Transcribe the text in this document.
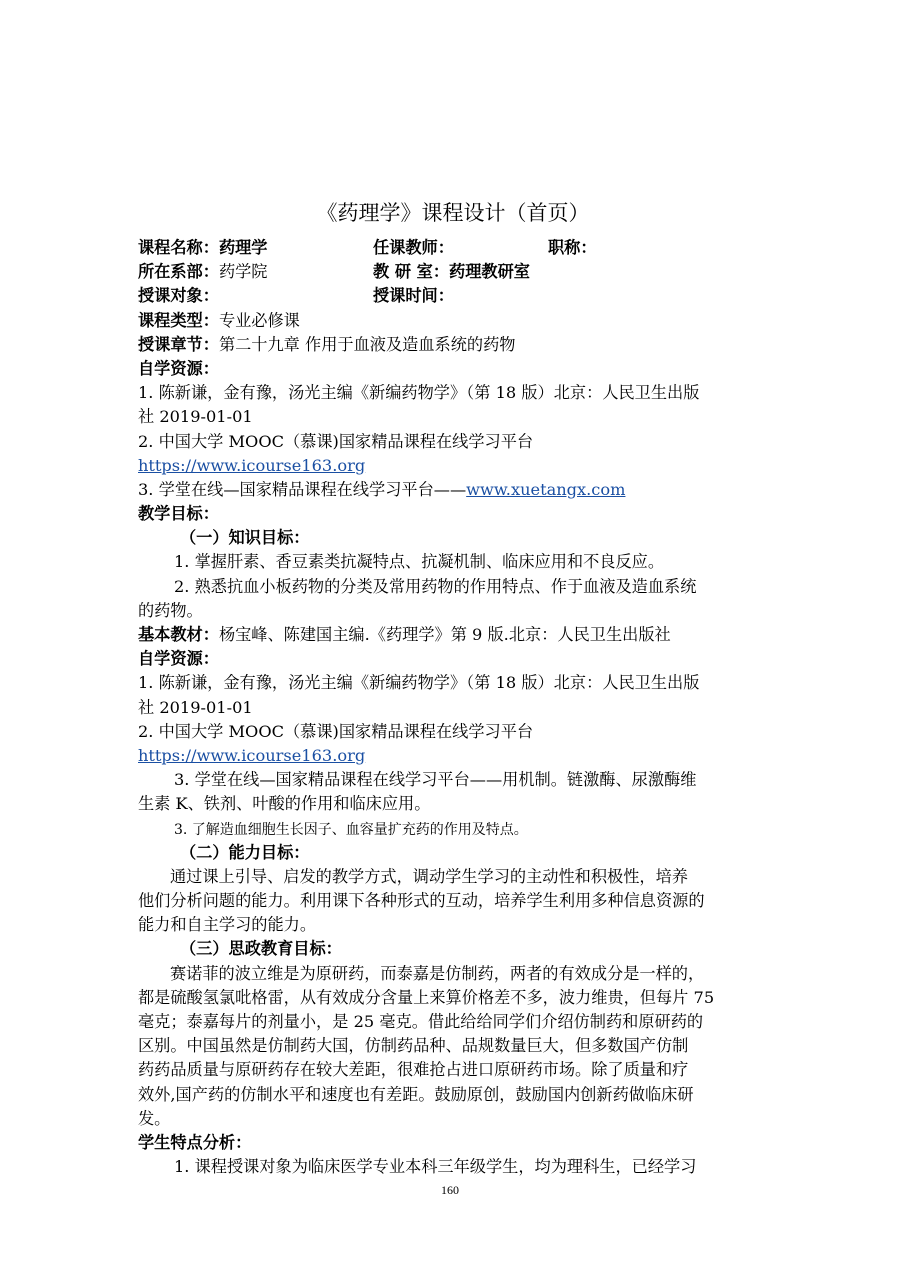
《药理学》课程设计（首页）
课程名称：药理学	任课教师：	职称：
所在系部：药学院	教 研 室：药理教研室
授课对象：	授课时间：
课程类型：专业必修课
授课章节：第二十九章 作用于血液及造血系统的药物
自学资源：
1. 陈新谦，金有豫，汤光主编《新编药物学》（第 18 版）北京：人民卫生出版
社 2019-01-01
2. 中国大学 MOOC（慕课)国家精品课程在线学习平台
https://www.icourse163.org
3. 学堂在线—国家精品课程在线学习平台——www.xuetangx.com
教学目标：
（一）知识目标：
1. 掌握肝素、香豆素类抗凝特点、抗凝机制、临床应用和不良反应。
2. 熟悉抗血小板药物的分类及常用药物的作用特点、作于血液及造血系统
的药物。
基本教材：杨宝峰、陈建国主编.《药理学》第 9 版.北京：人民卫生出版社
自学资源：
1. 陈新谦，金有豫，汤光主编《新编药物学》（第 18 版）北京：人民卫生出版
社 2019-01-01
2. 中国大学 MOOC（慕课)国家精品课程在线学习平台
https://www.icourse163.org
3. 学堂在线—国家精品课程在线学习平台——用机制。链激酶、尿激酶维
生素 K、铁剂、叶酸的作用和临床应用。
3. 了解造血细胞生长因子、血容量扩充药的作用及特点。
（二）能力目标：
通过课上引导、启发的教学方式，调动学生学习的主动性和积极性，培养
他们分析问题的能力。利用课下各种形式的互动，培养学生利用多种信息资源的
能力和自主学习的能力。
（三）思政教育目标：
赛诺菲的波立维是为原研药，而泰嘉是仿制药，两者的有效成分是一样的，
都是硫酸氢氯吡格雷，从有效成分含量上来算价格差不多，波力维贵，但每片 75
毫克；泰嘉每片的剂量小，是 25 毫克。借此给给同学们介绍仿制药和原研药的
区别。中国虽然是仿制药大国，仿制药品种、品规数量巨大，但多数国产仿制
药药品质量与原研药存在较大差距，很难抢占进口原研药市场。除了质量和疗
效外,国产药的仿制水平和速度也有差距。鼓励原创，鼓励国内创新药做临床研
发。
学生特点分析：
1. 课程授课对象为临床医学专业本科三年级学生，均为理科生，已经学习
160
